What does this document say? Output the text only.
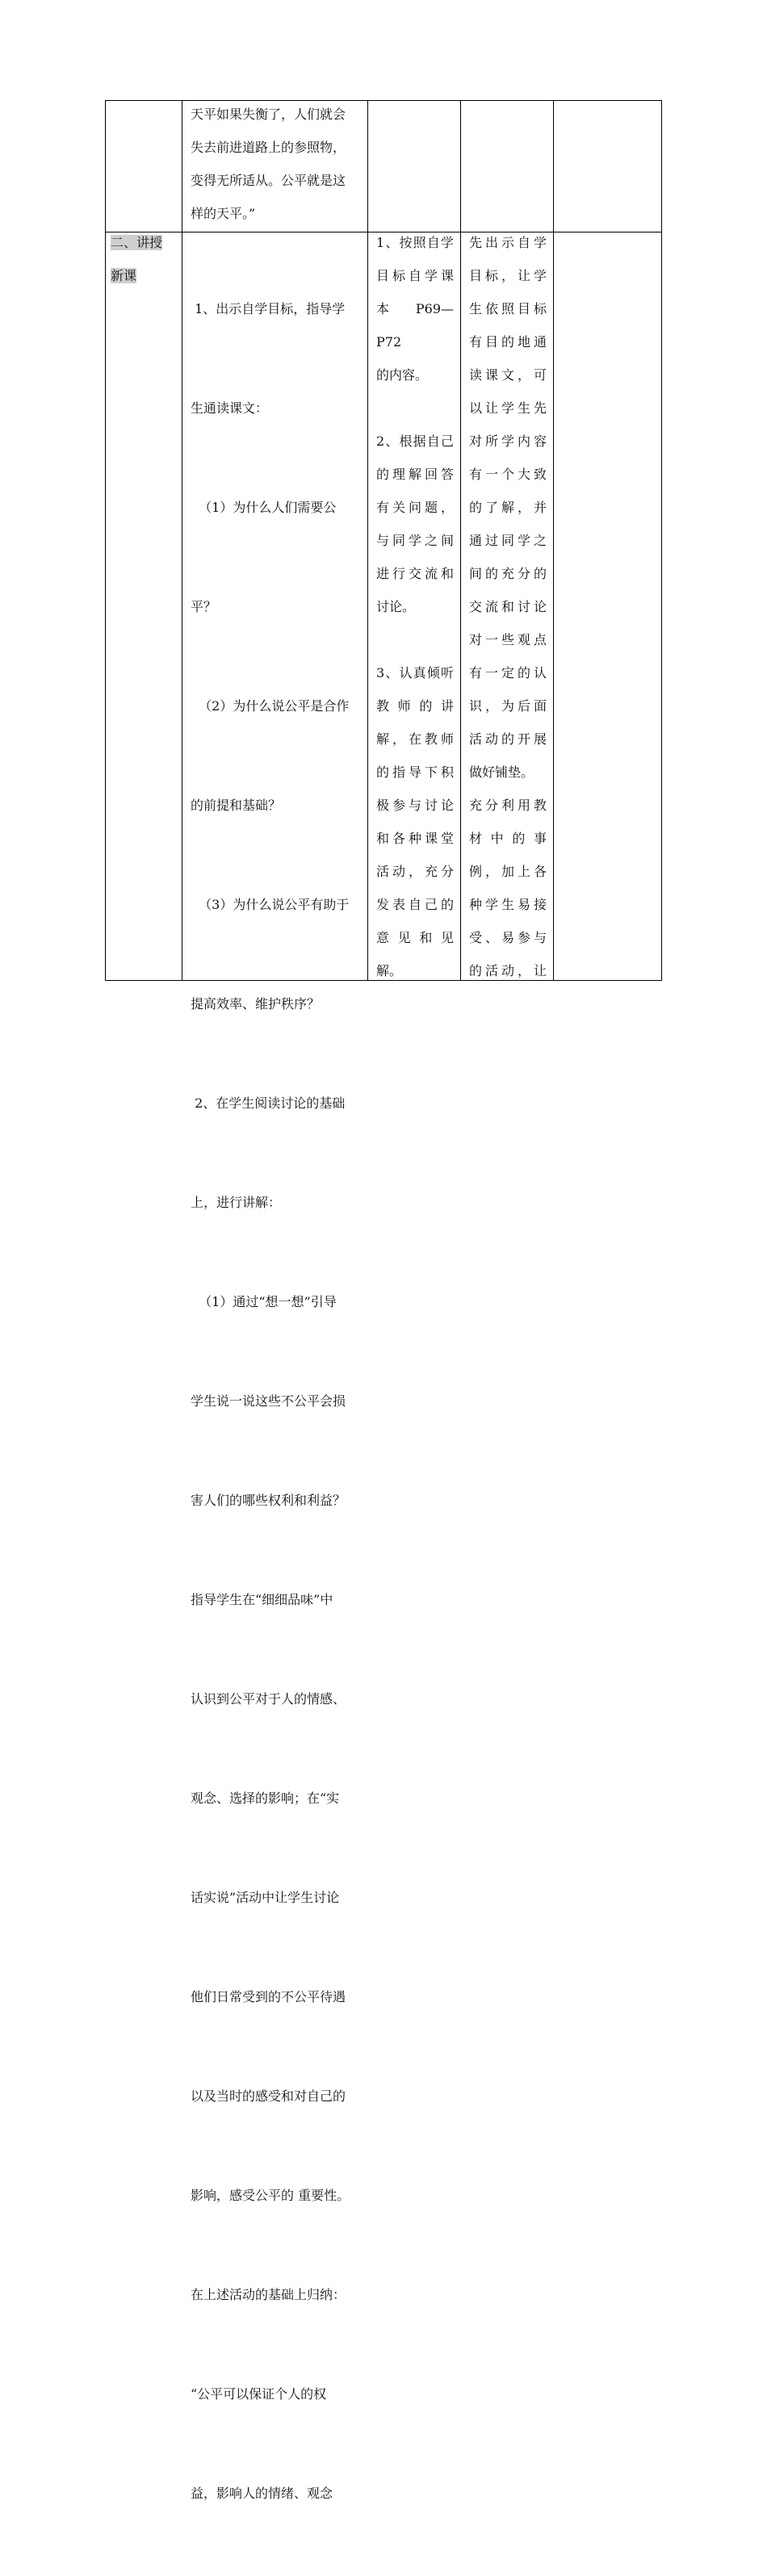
天平如果失衡了，人们就会

失去前进道路上的参照物，

变得无所适从。公平就是这

样的天平。”

二、讲授

新课

1、出示自学目标，指导学

生通读课文：

（1）为什么人们需要公

平？

（2）为什么说公平是合作

的前提和基础？

（3）为什么说公平有助于

提高效率、维护秩序？

2、在学生阅读讨论的基础

上，进行讲解：

（1）通过“想一想”引导

学生说一说这些不公平会损

害人们的哪些权利和利益？

指导学生在“细细品味”中

认识到公平对于人的情感、

观念、选择的影响；在“实

话实说”活动中让学生讨论

他们日常受到的不公平待遇

以及当时的感受和对自己的

影响，感受公平的 重要性。

在上述活动的基础上归纳：

“公平可以保证个人的权

益，影响人的情绪、观念

1、按照自学

目标自学课

本 P69—P72

的内容。

2、根据自己

的理解回答

有关问题，

与同学之间

进行交流和

讨论。

3、认真倾听

教师的讲

解，在教师

的指导下积

极参与讨论

和各种课堂

活动，充分

发表自己的

意见和见

解。

先出示自学

目标，让学

生依照目标

有目的地通

读课文，可

以让学生先

对所学内容

有一个大致

的了解，并

通过同学之

间的充分的

交流和讨论

对一些观点

有一定的认

识，为后面

活动的开展

做好铺垫。

充分利用教

材中的事

例，加上各

种学生易接

受、易参与

的活动，让
